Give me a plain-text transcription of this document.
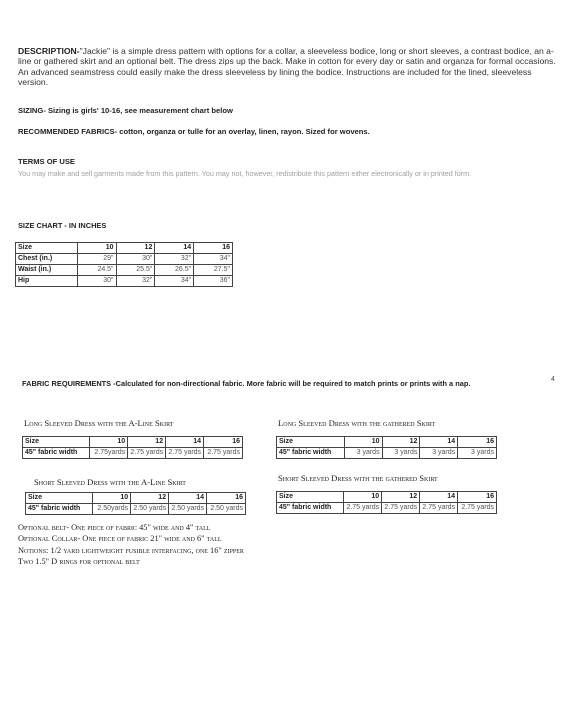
DESCRIPTION-"Jackie" is a simple dress pattern with options for a collar, a sleeveless bodice, long or short sleeves, a contrast bodice, an a-line or gathered skirt and an optional belt. The dress zips up the back. Make in cotton for every day or satin and organza for formal occasions. An advanced seamstress could easily make the dress sleeveless by lining the bodice. Instructions are included for the lined, sleeveless version.
SIZING- Sizing is girls' 10-16, see measurement chart below
RECOMMENDED FABRICS- cotton, organza or tulle for an overlay, linen, rayon. Sized for wovens.
TERMS OF USE
You may make and sell garments made from this pattern. You may not, however, redistribute this pattern either electronically or in printed form.
SIZE CHART - IN INCHES
Size	10	12	14	16
Chest (in.)	29"	30"	32"	34"
Waist (in.)	24.5"	25.5"	26.5"	27.5"
Hip	30"	32"	34"	36"
FABRIC REQUIREMENTS -Calculated for non-directional fabric. More fabric will be required to match prints or prints with a nap.	4
Long Sleeved Dress with the A-Line Skirt
Size	10	12	14	16
45" fabric width	2.75yards	2.75 yards	2.75 yards	2.75 yards
Long Sleeved Dress with the gathered Skirt
Size	10	12	14	16
45" fabric width	3 yards	3 yards	3 yards	3 yards
Short Sleeved Dress with the A-Line Skirt
Size	10	12	14	16
45" fabric width	2.50yards	2.50 yards	2.50 yards	2.50 yards
Short Sleeved Dress with the gathered Skirt
Size	10	12	14	16
45" fabric width	2.75 yards	2.75 yards	2.75 yards	2.75 yards
Optional belt- One piece of fabric 45" wide and 4" tall
Optional Collar- One piece of fabric 21" wide and 6" tall
Notions: 1/2 yard lightweight fusible interfacing, one 16" zipper
Two 1.5" D rings for optional belt
